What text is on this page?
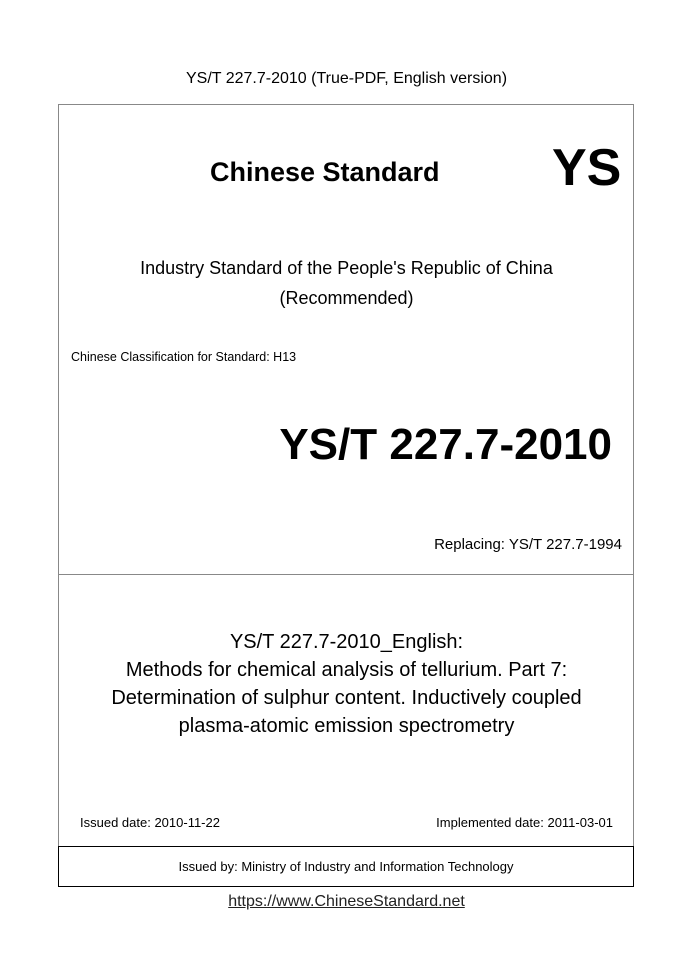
YS/T 227.7-2010 (True-PDF, English version)
Chinese Standard YS
Industry Standard of the People's Republic of China
(Recommended)
Chinese Classification for Standard: H13
YS/T 227.7-2010
Replacing: YS/T 227.7-1994
YS/T 227.7-2010_English:
Methods for chemical analysis of tellurium. Part 7:
Determination of sulphur content. Inductively coupled
plasma-atomic emission spectrometry
Issued date: 2010-11-22	Implemented date: 2011-03-01
Issued by: Ministry of Industry and Information Technology
https://www.ChineseStandard.net
